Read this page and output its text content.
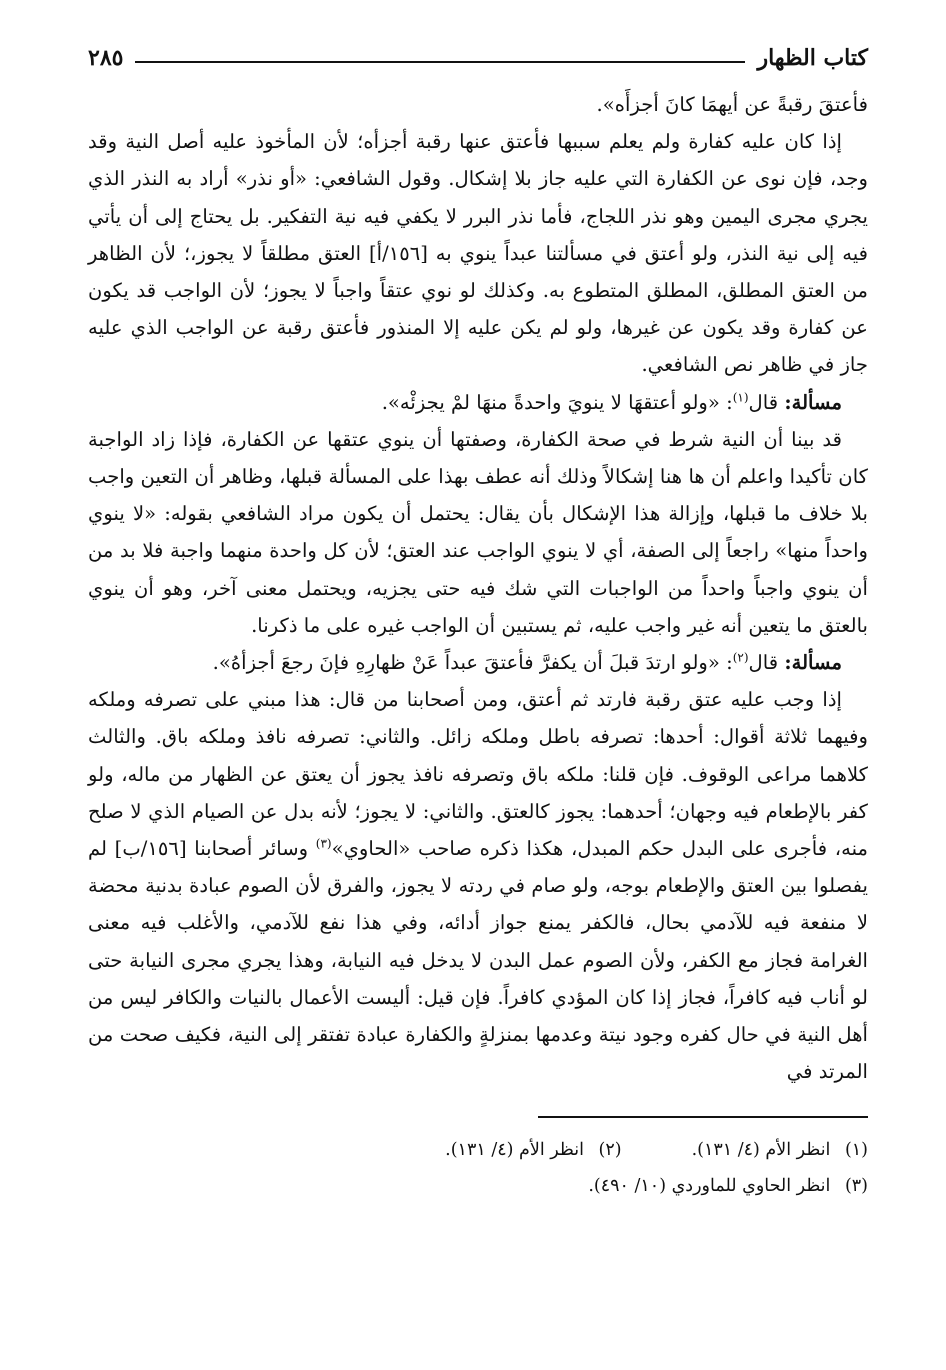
كتاب الظهار
٢٨٥

فأعتقَ رقبةً عن أيهمَا كانَ أجزأَه».

إذا كان عليه كفارة ولم يعلم سببها فأعتق عنها رقبة أجزأه؛ لأن المأخوذ عليه أصل النية وقد وجد، فإن نوى عن الكفارة التي عليه جاز بلا إشكال. وقول الشافعي: «أو نذر» أراد به النذر الذي يجري مجرى اليمين وهو نذر اللجاج، فأما نذر البرر لا يكفي فيه نية التفكير. بل يحتاج إلى أن يأتي فيه إلى نية النذر، ولو أعتق في مسألتنا عبداً ينوي به [١٥٦/أ] العتق مطلقاً لا يجوز،؛ لأن الظاهر من العتق المطلق، المطلق المتطوع به. وكذلك لو نوي عتقاً واجباً لا يجوز؛ لأن الواجب قد يكون عن كفارة وقد يكون عن غيرها، ولو لم يكن عليه إلا المنذور فأعتق رقبة عن الواجب الذي عليه جاز في ظاهر نص الشافعي.

مسألة: قال$^{(١)}$: «ولو أعتقهَا لا ينويَ واحدةً منهَا لمْ يجزئْه».

قد بينا أن النية شرط في صحة الكفارة، وصفتها أن ينوي عتقها عن الكفارة، فإذا زاد الواجبة كان تأكيدا واعلم أن ها هنا إشكالاً وذلك أنه عطف بهذا على المسألة قبلها، وظاهر أن التعين واجب بلا خلاف ما قبلها، وإزالة هذا الإشكال بأن يقال: يحتمل أن يكون مراد الشافعي بقوله: «لا ينوي واحداً منها» راجعاً إلى الصفة، أي لا ينوي الواجب عند العتق؛ لأن كل واحدة منهما واجبة فلا بد من أن ينوي واجباً واحداً من الواجبات التي شك فيه حتى يجزيه، ويحتمل معنى آخر، وهو أن ينوي بالعتق ما يتعين أنه غير واجب عليه، ثم يستبين أن الواجب غيره على ما ذكرنا.

مسألة: قال$^{(٢)}$: «ولو ارتدَ قبلَ أن يكفرَّ فأعتقَ عبداً عَنْ ظهارِهِ فإنَ رجعَ أجزأهُ».

إذا وجب عليه عتق رقبة فارتد ثم أعتق، ومن أصحابنا من قال: هذا مبني على تصرفه وملكه وفيهما ثلاثة أقوال: أحدها: تصرفه باطل وملكه زائل. والثاني: تصرفه نافذ وملكه باق. والثالث كلاهما مراعى الوقوف. فإن قلنا: ملكه باق وتصرفه نافذ يجوز أن يعتق عن الظهار من ماله، ولو كفر بالإطعام فيه وجهان؛ أحدهما: يجوز كالعتق. والثاني: لا يجوز؛ لأنه بدل عن الصيام الذي لا صلح منه، فأجرى على البدل حكم المبدل، هكذا ذكره صاحب «الحاوي»$^{(٣)}$ وسائر أصحابنا [١٥٦/ب] لم يفصلوا بين العتق والإطعام بوجه، ولو صام في ردته لا يجوز، والفرق لأن الصوم عبادة بدنية محضة لا منفعة فيه للآدمي بحال، فالكفر يمنع جواز أدائه، وفي هذا نفع للآدمي، والأغلب فيه معنى الغرامة فجاز مع الكفر، ولأن الصوم عمل البدن لا يدخل فيه النيابة، وهذا يجري مجرى النيابة حتى لو أناب فيه كافراً، فجاز إذا كان المؤدي كافراً. فإن قيل: أليست الأعمال بالنيات والكافر ليس من أهل النية في حال كفره وجود نيتة وعدمها بمنزلةٍ والكفارة عبادة تفتقر إلى النية، فكيف صحت من المرتد في

(١) انظر الأم (٤/ ١٣١).
(٢) انظر الأم (٤/ ١٣١).
(٣) انظر الحاوي للماوردي (١٠/ ٤٩٠).
